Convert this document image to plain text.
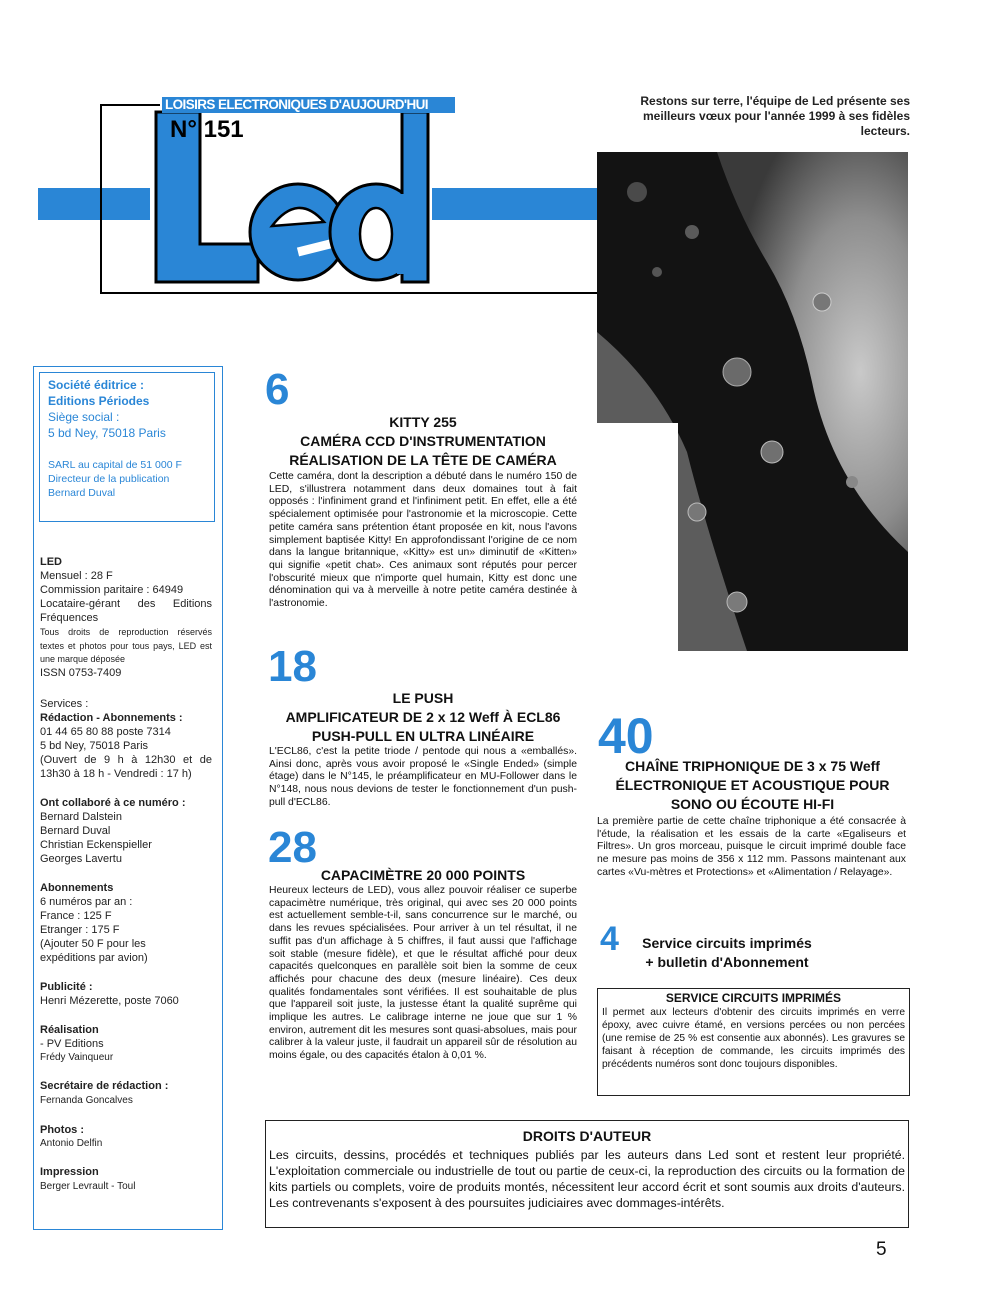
LOISIRS ELECTRONIQUES D'AUJOURD'HUI
N° 151
Restons sur terre, l'équipe de Led présente ses meilleurs vœux pour l'année 1999 à ses fidèles lecteurs.
Société éditrice :
Editions Périodes
Siège social :
5 bd Ney, 75018 Paris
SARL au capital de 51 000 F
Directeur de la publication
Bernard Duval
LED
Mensuel : 28 F
Commission paritaire : 64949
Locataire-gérant des Editions Fréquences
Tous droits de reproduction réservés textes et photos pour tous pays, LED est une marque déposée
ISSN 0753-7409
Services :
Rédaction - Abonnements :
01 44 65 80 88 poste 7314
5 bd Ney, 75018 Paris
(Ouvert de 9 h à 12h30 et de 13h30 à 18 h - Vendredi : 17 h)
Ont collaboré à ce numéro :
Bernard Dalstein
Bernard Duval
Christian Eckenspieller
Georges Lavertu
Abonnements
6 numéros par an :
France : 125 F
Etranger : 175 F
(Ajouter 50 F pour les expéditions par avion)
Publicité :
Henri Mézerette, poste 7060
Réalisation
- PV Editions
Frédy Vainqueur
Secrétaire de rédaction :
Fernanda Goncalves
Photos :
Antonio Delfin
Impression
Berger Levrault - Toul
6
KITTY 255
CAMÉRA CCD D'INSTRUMENTATION
RÉALISATION DE LA TÊTE DE CAMÉRA
Cette caméra, dont la description a débuté dans le numéro 150 de LED, s'illustrera notamment dans deux domaines tout à fait opposés : l'infiniment grand et l'infiniment petit. En effet, elle a été spécialement optimisée pour l'astronomie et la microscopie. Cette petite caméra sans prétention étant proposée en kit, nous l'avons simplement baptisée Kitty! En approfondissant l'origine de ce nom dans la langue britannique, «Kitty» est un» diminutif de «Kitten» qui signifie «petit chat». Ces animaux sont réputés pour percer l'obscurité mieux que n'importe quel humain, Kitty est donc une dénomination qui va à merveille à notre petite caméra destinée à l'astronomie.
18
LE PUSH
AMPLIFICATEUR DE 2 x 12 Weff À ECL86
PUSH-PULL EN ULTRA LINÉAIRE
L'ECL86, c'est la petite triode / pentode qui nous a «emballés». Ainsi donc, après vous avoir proposé le «Single Ended» (simple étage) dans le N°145, le préamplificateur en MU-Follower dans le N°148, nous nous devions de tester le fonctionnement d'un push-pull d'ECL86.
28
CAPACIMÈTRE 20 000 POINTS
Heureux lecteurs de LED), vous allez pouvoir réaliser ce superbe capacimètre numérique, très original, qui avec ses 20 000 points est actuellement semble-t-il, sans concurrence sur le marché, ou dans les revues spécialisées. Pour arriver à un tel résultat, il ne suffit pas d'un affichage à 5 chiffres, il faut aussi que l'affichage soit stable (mesure fidèle), et que le résultat affiché pour deux capacités quelconques en parallèle soit bien la somme de ceux affichés pour chacune des deux (mesure linéaire). Ces deux qualités fondamentales sont vérifiées. Il est souhaitable de plus que l'appareil soit juste, la justesse étant la qualité suprême qui implique les autres. Le calibrage interne ne joue que sur 1 % environ, autrement dit les mesures sont quasi-absolues, mais pour calibrer à la valeur juste, il faudrait un appareil sûr de résolution au moins égale, ou des capacités étalon à 0,01 %.
40
CHAÎNE TRIPHONIQUE DE 3 x 75 Weff
ÉLECTRONIQUE ET ACOUSTIQUE POUR
SONO OU ÉCOUTE HI-FI
La première partie de cette chaîne triphonique a été consacrée à l'étude, la réalisation et les essais de la carte «Egaliseurs et Filtres». Un gros morceau, puisque le circuit imprimé double face ne mesure pas moins de 356 x 112 mm. Passons maintenant aux cartes «Vu-mètres et Protections» et «Alimentation / Relayage».
4	Service circuits imprimés
+ bulletin d'Abonnement
SERVICE CIRCUITS IMPRIMÉS
Il permet aux lecteurs d'obtenir des circuits imprimés en verre époxy, avec cuivre étamé, en versions percées ou non percées (une remise de 25 % est consentie aux abonnés). Les gravures se faisant à réception de commande, les circuits imprimés des précédents numéros sont donc toujours disponibles.
DROITS D'AUTEUR
Les circuits, dessins, procédés et techniques publiés par les auteurs dans Led sont et restent leur propriété. L'exploitation commerciale ou industrielle de tout ou partie de ceux-ci, la reproduction des circuits ou la formation de kits partiels ou complets, voire de produits montés, nécessitent leur accord écrit et sont soumis aux droits d'auteurs. Les contrevenants s'exposent à des poursuites judiciaires avec dommages-intérêts.
5
